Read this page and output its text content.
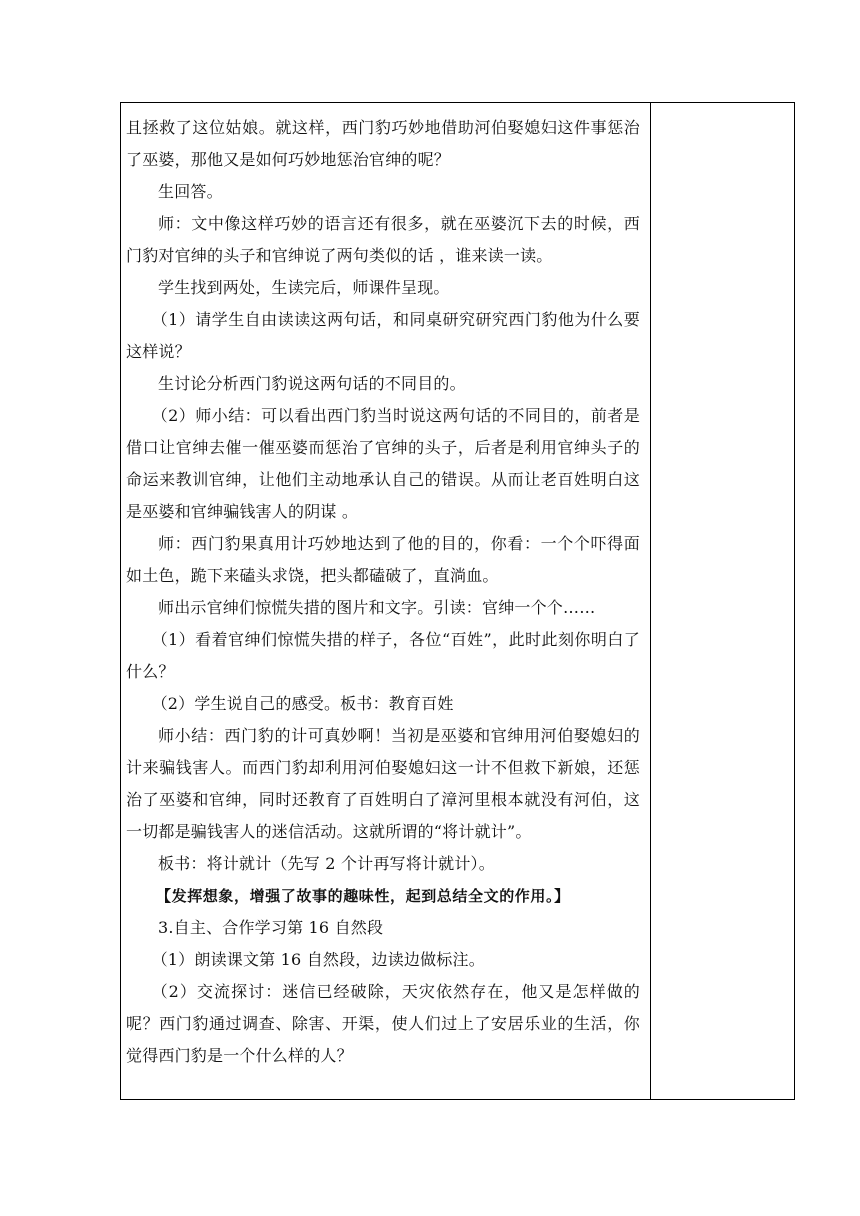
且拯救了这位姑娘。就这样，西门豹巧妙地借助河伯娶媳妇这件事惩治了巫婆，那他又是如何巧妙地惩治官绅的呢？

生回答。

师：文中像这样巧妙的语言还有很多，就在巫婆沉下去的时候，西门豹对官绅的头子和官绅说了两句类似的话 ，谁来读一读。

学生找到两处，生读完后，师课件呈现。

（1）请学生自由读读这两句话，和同桌研究研究西门豹他为什么要这样说？

生讨论分析西门豹说这两句话的不同目的。

（2）师小结：可以看出西门豹当时说这两句话的不同目的，前者是借口让官绅去催一催巫婆而惩治了官绅的头子，后者是利用官绅头子的命运来教训官绅，让他们主动地承认自己的错误。从而让老百姓明白这是巫婆和官绅骗钱害人的阴谋 。

师：西门豹果真用计巧妙地达到了他的目的，你看：一个个吓得面如土色，跪下来磕头求饶，把头都磕破了，直淌血。

师出示官绅们惊慌失措的图片和文字。引读：官绅一个个……

（1）看着官绅们惊慌失措的样子，各位“百姓”，此时此刻你明白了什么？

（2）学生说自己的感受。板书：教育百姓

师小结：西门豹的计可真妙啊！当初是巫婆和官绅用河伯娶媳妇的计来骗钱害人。而西门豹却利用河伯娶媳妇这一计不但救下新娘，还惩治了巫婆和官绅，同时还教育了百姓明白了漳河里根本就没有河伯，这一切都是骗钱害人的迷信活动。这就所谓的“将计就计”。

板书：将计就计（先写 2 个计再写将计就计）。

【发挥想象，增强了故事的趣味性，起到总结全文的作用。】

3.自主、合作学习第 16 自然段

（1）朗读课文第 16 自然段，边读边做标注。

（2）交流探讨：迷信已经破除，天灾依然存在，他又是怎样做的呢？西门豹通过调查、除害、开渠，使人们过上了安居乐业的生活，你觉得西门豹是一个什么样的人？
